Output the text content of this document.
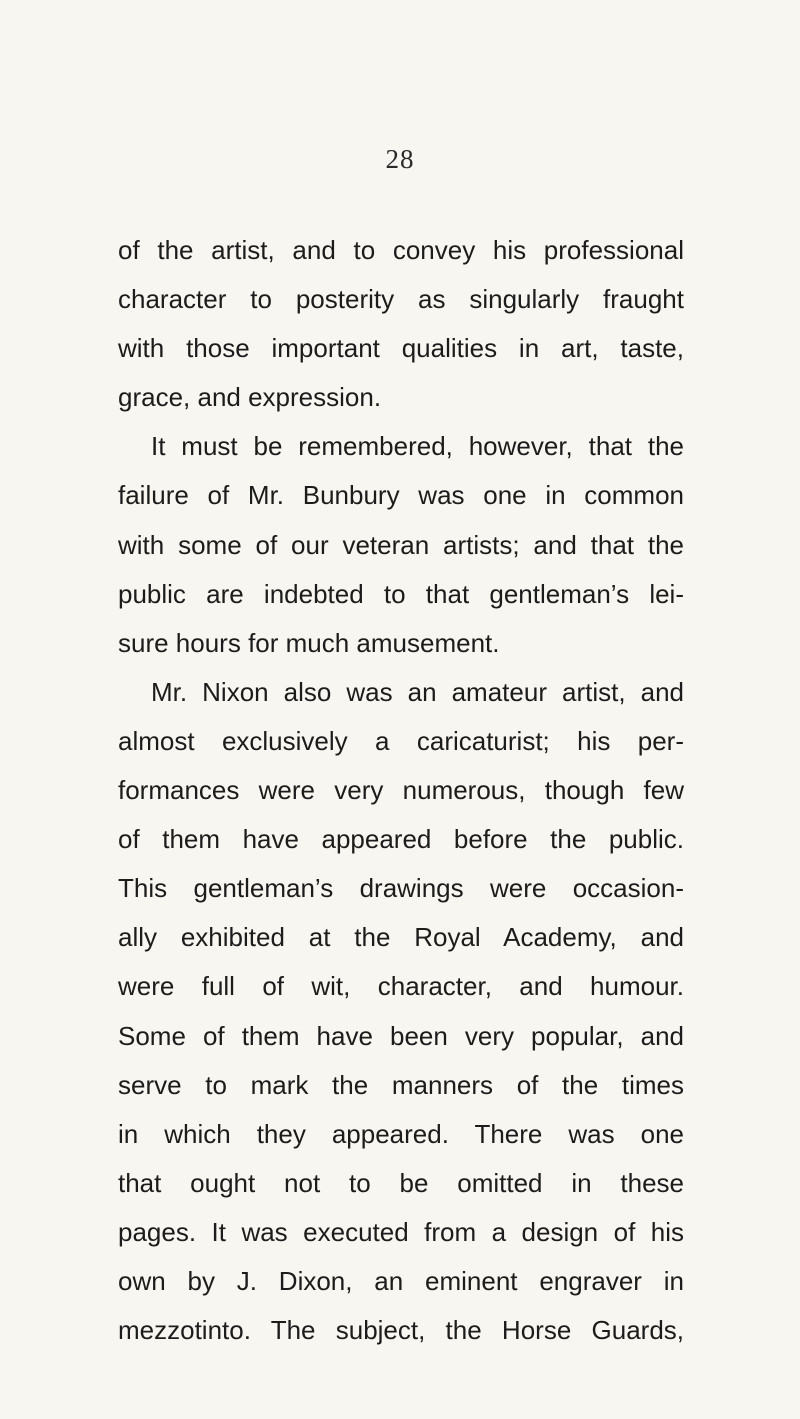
28
of the artist, and to convey his professional
character to posterity as singularly fraught
with those important qualities in art, taste,
grace, and expression.
It must be remembered, however, that the
failure of Mr. Bunbury was one in common
with some of our veteran artists; and that the
public are indebted to that gentleman’s lei-
sure hours for much amusement.
Mr. Nixon also was an amateur artist, and
almost exclusively a caricaturist; his per-
formances were very numerous, though few
of them have appeared before the public.
This gentleman’s drawings were occasion-
ally exhibited at the Royal Academy, and
were full of wit, character, and humour.
Some of them have been very popular, and
serve to mark the manners of the times
in which they appeared. There was one
that ought not to be omitted in these
pages. It was executed from a design of his
own by J. Dixon, an eminent engraver in
mezzotinto. The subject, the Horse Guards,
